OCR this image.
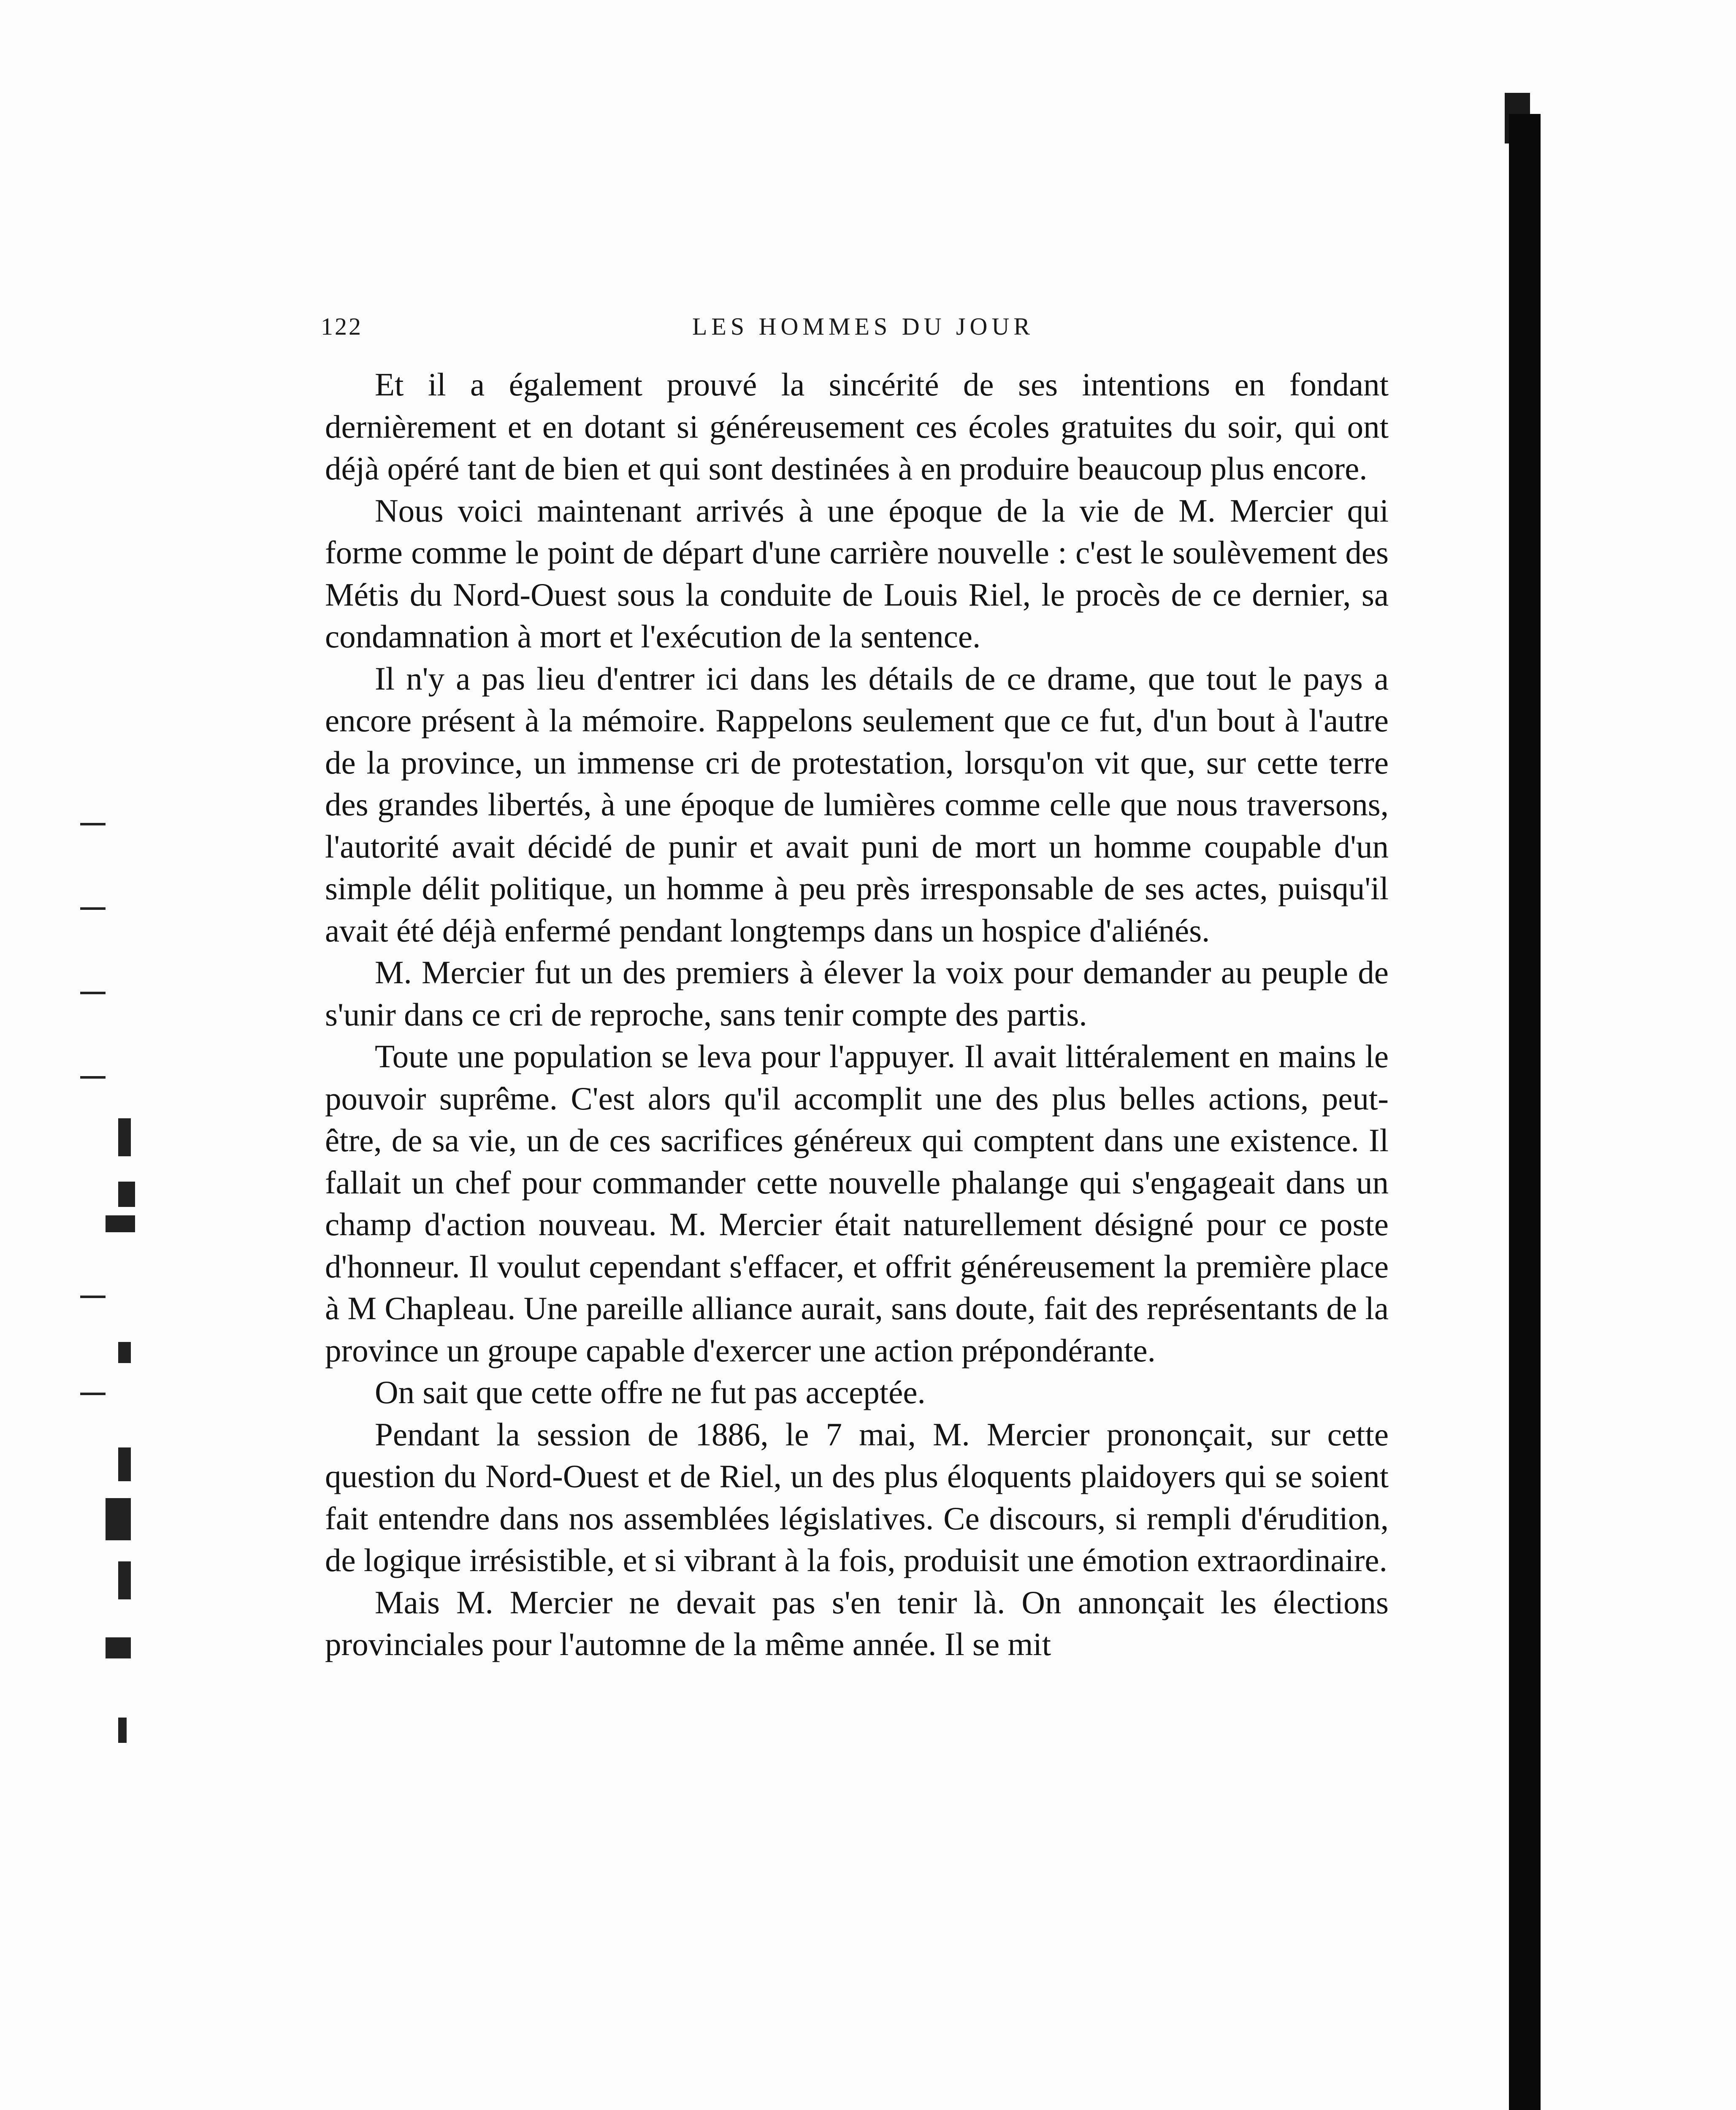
122	LES HOMMES DU JOUR

Et il a également prouvé la sincérité de ses intentions en fondant dernièrement et en dotant si généreusement ces écoles gratuites du soir, qui ont déjà opéré tant de bien et qui sont destinées à en produire beaucoup plus encore.

Nous voici maintenant arrivés à une époque de la vie de M. Mercier qui forme comme le point de départ d'une carrière nouvelle : c'est le soulèvement des Métis du Nord-Ouest sous la conduite de Louis Riel, le procès de ce dernier, sa condamnation à mort et l'exécution de la sentence.

Il n'y a pas lieu d'entrer ici dans les détails de ce drame, que tout le pays a encore présent à la mémoire. Rappelons seulement que ce fut, d'un bout à l'autre de la province, un immense cri de protestation, lorsqu'on vit que, sur cette terre des grandes libertés, à une époque de lumières comme celle que nous traversons, l'autorité avait décidé de punir et avait puni de mort un homme coupable d'un simple délit politique, un homme à peu près irresponsable de ses actes, puisqu'il avait été déjà enfermé pendant longtemps dans un hospice d'aliénés.

M. Mercier fut un des premiers à élever la voix pour demander au peuple de s'unir dans ce cri de reproche, sans tenir compte des partis.

Toute une population se leva pour l'appuyer. Il avait littéralement en mains le pouvoir suprême. C'est alors qu'il accomplit une des plus belles actions, peut-être, de sa vie, un de ces sacrifices généreux qui comptent dans une existence. Il fallait un chef pour commander cette nouvelle phalange qui s'engageait dans un champ d'action nouveau. M. Mercier était naturellement désigné pour ce poste d'honneur. Il voulut cependant s'effacer, et offrit généreusement la première place à M Chapleau. Une pareille alliance aurait, sans doute, fait des représentants de la province un groupe capable d'exercer une action prépondérante.

On sait que cette offre ne fut pas acceptée.

Pendant la session de 1886, le 7 mai, M. Mercier prononçait, sur cette question du Nord-Ouest et de Riel, un des plus éloquents plaidoyers qui se soient fait entendre dans nos assemblées législatives. Ce discours, si rempli d'érudition, de logique irrésistible, et si vibrant à la fois, produisit une émotion extraordinaire.

Mais M. Mercier ne devait pas s'en tenir là. On annonçait les élections provinciales pour l'automne de la même année. Il se mit
